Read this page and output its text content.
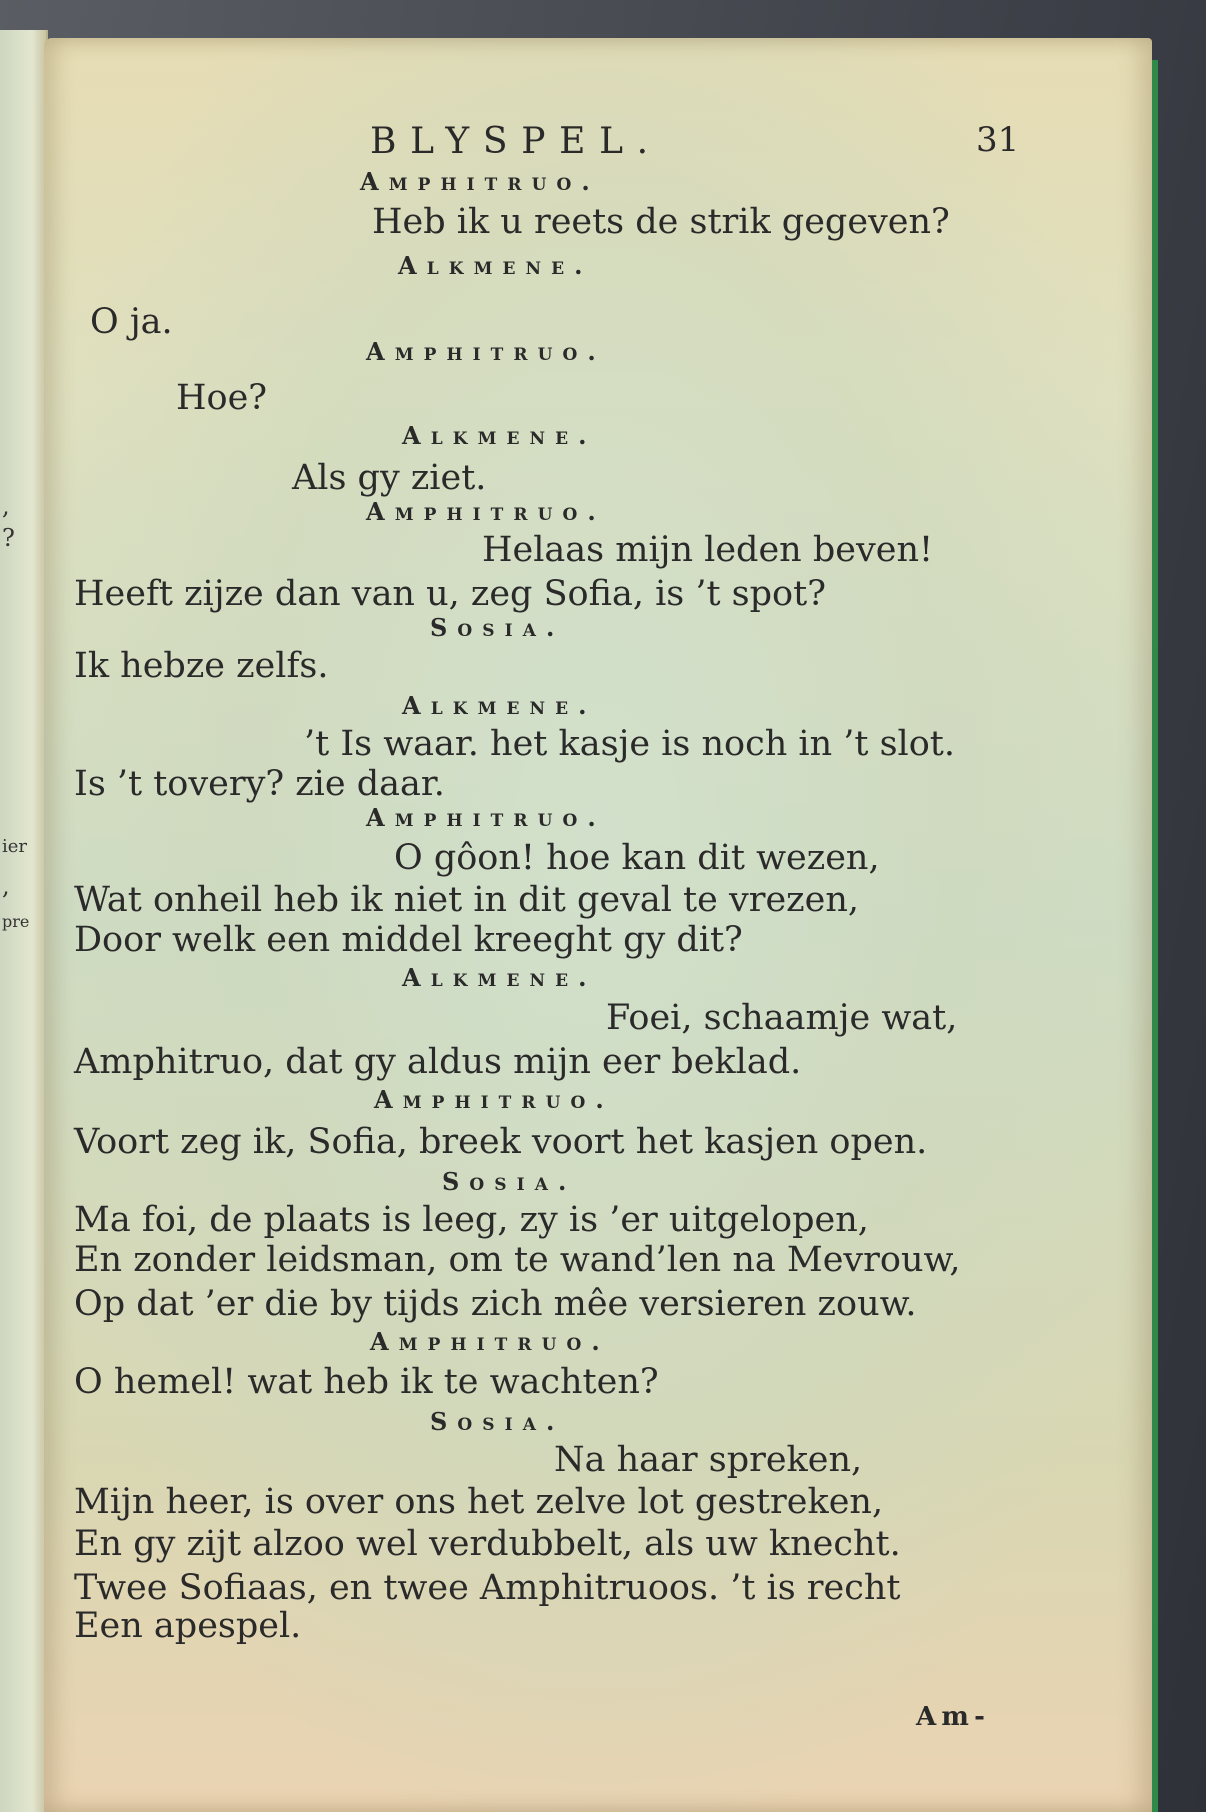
,
?
ier
,
pre

BLYSPEL.	31

Amphitruo.

Heb ik u reets de strik gegeven?

Alkmene.

O ja.

Amphitruo.

Hoe?

Alkmene.

Als gy ziet.

Amphitruo.

Helaas mijn leden beven!

Heeft zijze dan van u, zeg Sofia, is ’t spot?

Sosia.

Ik hebze zelfs.

Alkmene.

’t Is waar. het kasje is noch in ’t slot.

Is ’t tovery? zie daar.

Amphitruo.

O gôon! hoe kan dit wezen,

Wat onheil heb ik niet in dit geval te vrezen,

Door welk een middel kreeght gy dit?

Alkmene.

Foei, schaamje wat,

Amphitruo, dat gy aldus mijn eer beklad.

Amphitruo.

Voort zeg ik, Sofia, breek voort het kasjen open.

Sosia.

Ma foi, de plaats is leeg, zy is ’er uitgelopen,

En zonder leidsman, om te wand’len na Mevrouw,

Op dat ’er die by tijds zich mêe versieren zouw.

Amphitruo.

O hemel! wat heb ik te wachten?

Sosia.

Na haar spreken,

Mijn heer, is over ons het zelve lot gestreken,

En gy zijt alzoo wel verdubbelt, als uw knecht.

Twee Sofiaas, en twee Amphitruoos. ’t is recht

Een apespel.

Am-
